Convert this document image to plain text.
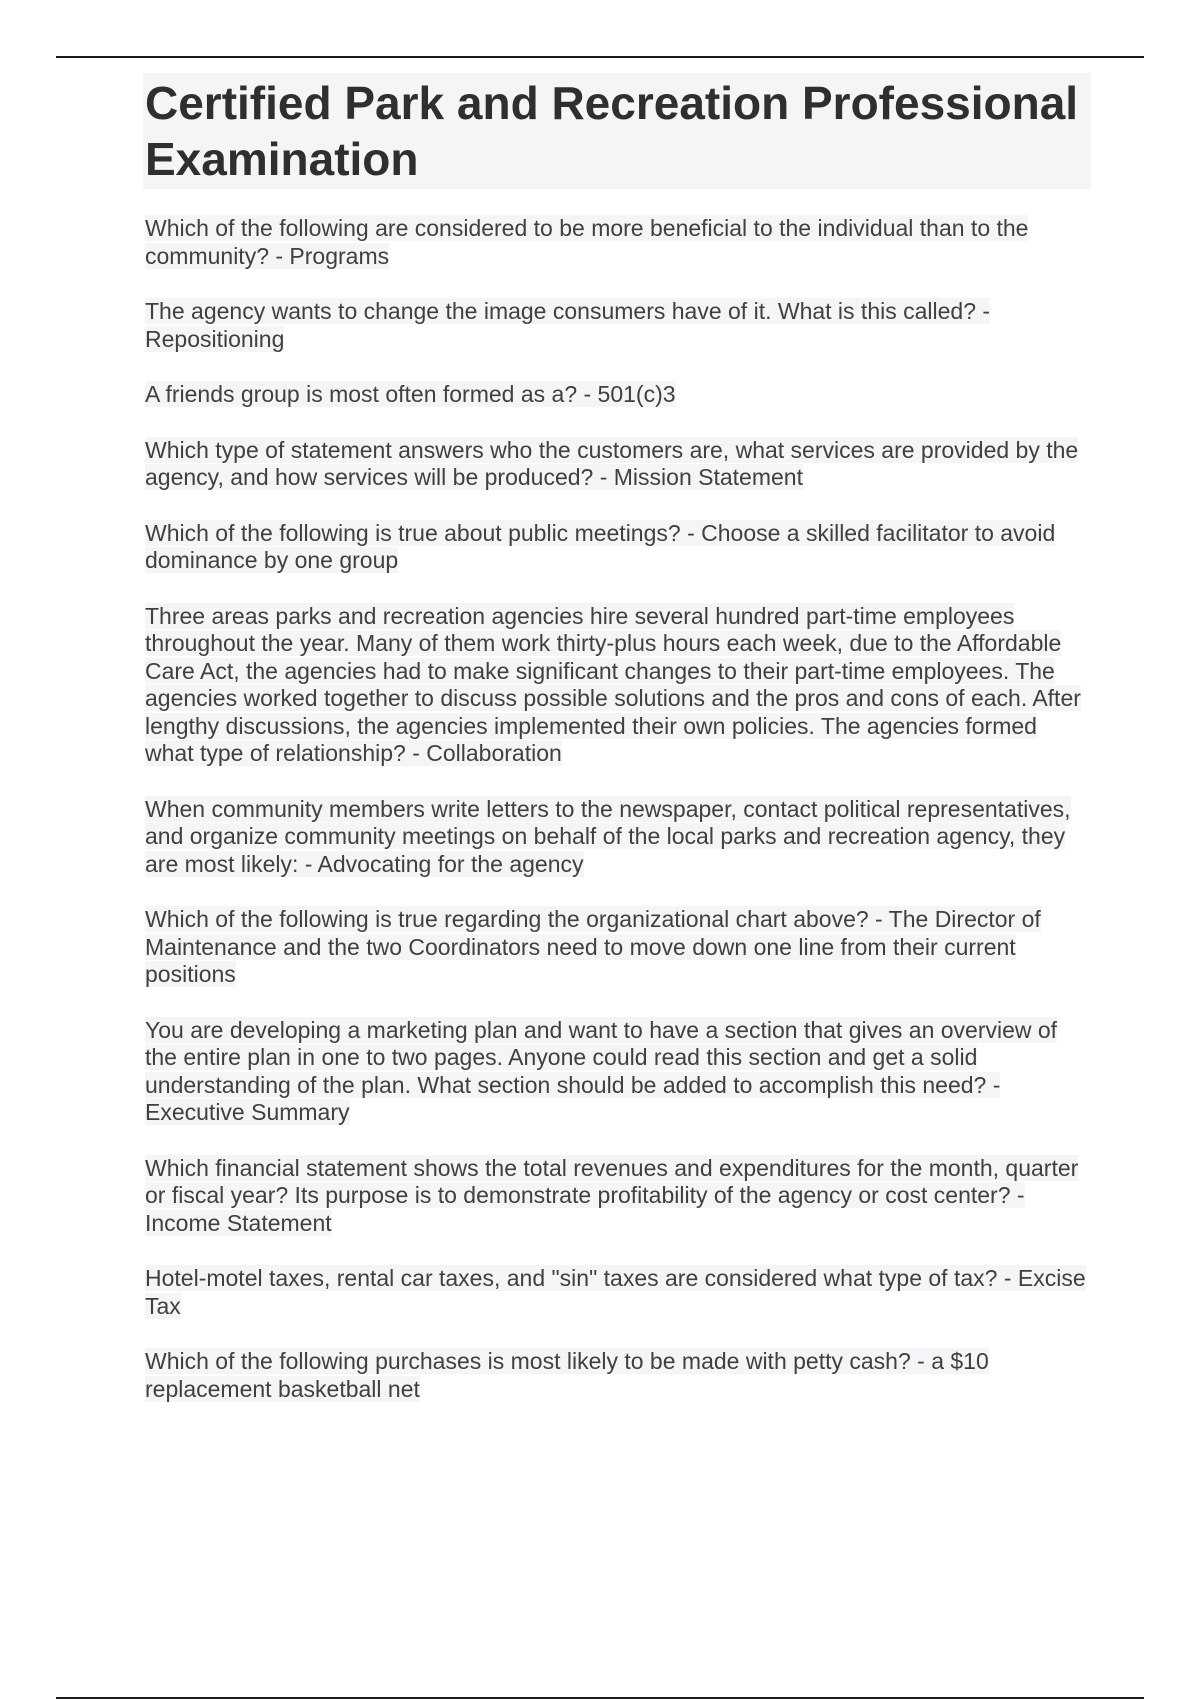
Certified Park and Recreation Professional Examination

Which of the following are considered to be more beneficial to the individual than to the community? - Programs

The agency wants to change the image consumers have of it. What is this called? - Repositioning

A friends group is most often formed as a? - 501(c)3

Which type of statement answers who the customers are, what services are provided by the agency, and how services will be produced? - Mission Statement

Which of the following is true about public meetings? - Choose a skilled facilitator to avoid dominance by one group

Three areas parks and recreation agencies hire several hundred part-time employees throughout the year. Many of them work thirty-plus hours each week, due to the Affordable Care Act, the agencies had to make significant changes to their part-time employees. The agencies worked together to discuss possible solutions and the pros and cons of each. After lengthy discussions, the agencies implemented their own policies. The agencies formed what type of relationship? - Collaboration

When community members write letters to the newspaper, contact political representatives, and organize community meetings on behalf of the local parks and recreation agency, they are most likely: - Advocating for the agency

Which of the following is true regarding the organizational chart above? - The Director of Maintenance and the two Coordinators need to move down one line from their current positions

You are developing a marketing plan and want to have a section that gives an overview of the entire plan in one to two pages. Anyone could read this section and get a solid understanding of the plan. What section should be added to accomplish this need? - Executive Summary

Which financial statement shows the total revenues and expenditures for the month, quarter or fiscal year? Its purpose is to demonstrate profitability of the agency or cost center? - Income Statement

Hotel-motel taxes, rental car taxes, and "sin" taxes are considered what type of tax? - Excise Tax

Which of the following purchases is most likely to be made with petty cash? - a $10 replacement basketball net
